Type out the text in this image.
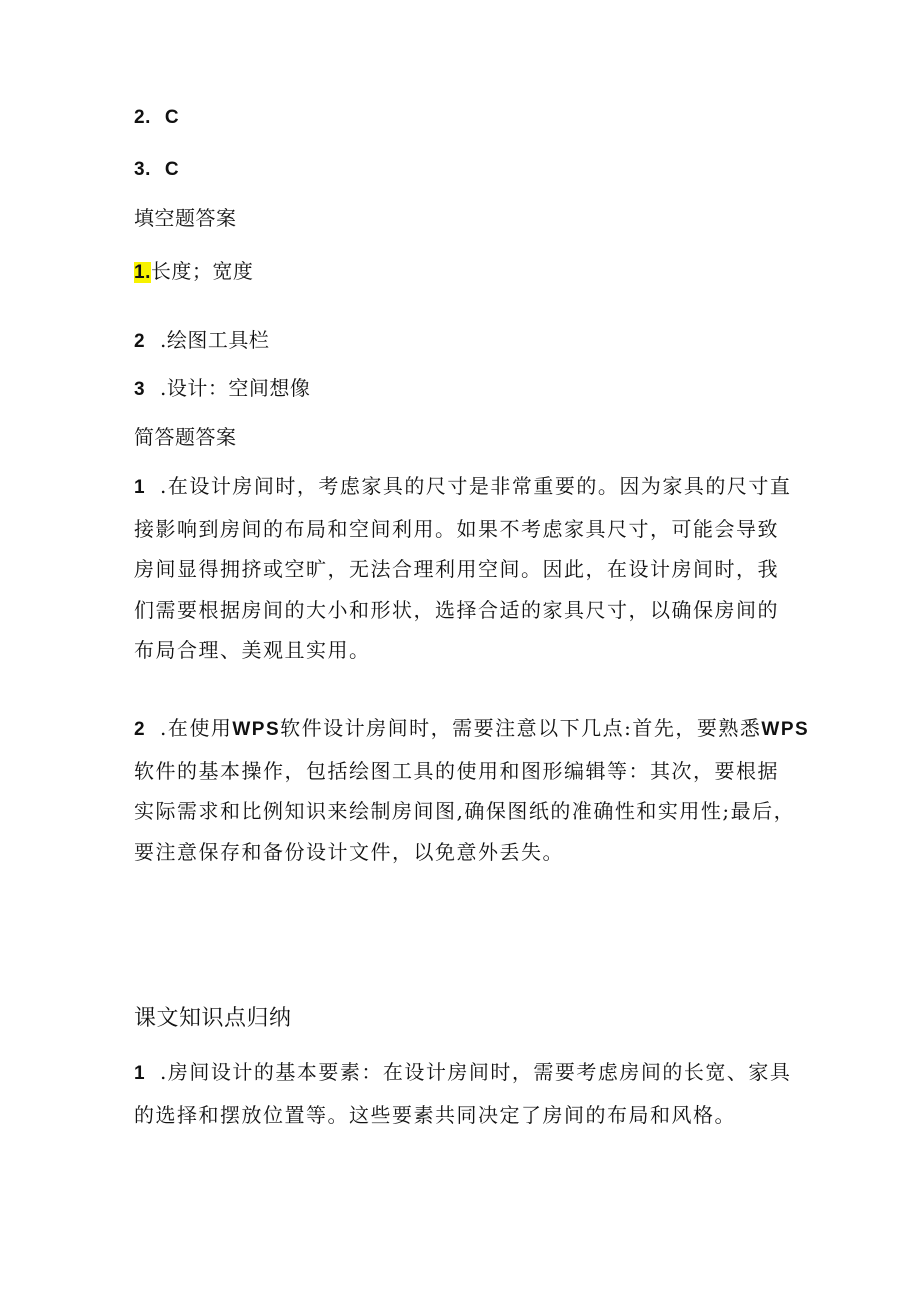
2. C
3. C
填空题答案
1.长度；宽度
2 .绘图工具栏
3 .设计：空间想像
简答题答案
1 .在设计房间时，考虑家具的尺寸是非常重要的。因为家具的尺寸直
接影响到房间的布局和空间利用。如果不考虑家具尺寸，可能会导致
房间显得拥挤或空旷，无法合理利用空间。因此，在设计房间时，我
们需要根据房间的大小和形状，选择合适的家具尺寸，以确保房间的
布局合理、美观且实用。
2 .在使用WPS软件设计房间时，需要注意以下几点:首先，要熟悉WPS
软件的基本操作，包括绘图工具的使用和图形编辑等：其次，要根据
实际需求和比例知识来绘制房间图,确保图纸的准确性和实用性;最后，
要注意保存和备份设计文件，以免意外丢失。
课文知识点归纳
1 .房间设计的基本要素：在设计房间时，需要考虑房间的长宽、家具
的选择和摆放位置等。这些要素共同决定了房间的布局和风格。
